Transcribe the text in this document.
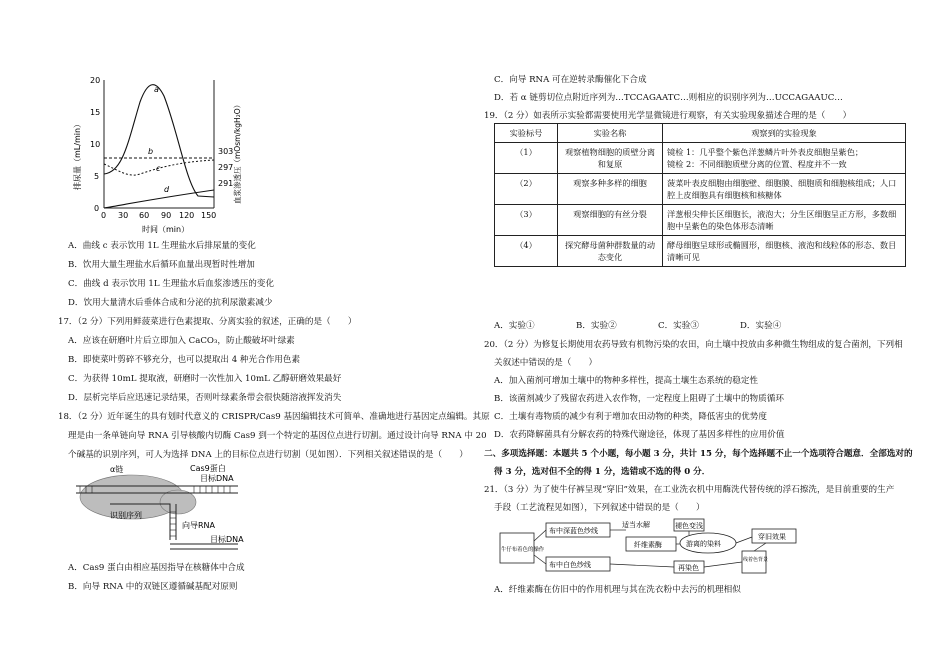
0
5
10
15
20
291
297
303
0 30 60 90 120 150
a
b
c
d
排尿量（mL/min）	血浆渗透压（mOsm/kgH₂O）
时间（min）
A．曲线 c 表示饮用 1L 生理盐水后排尿量的变化
B．饮用大量生理盐水后循环血量出现暂时性增加
C．曲线 d 表示饮用 1L 生理盐水后血浆渗透压的变化
D．饮用大量清水后垂体合成和分泌的抗利尿激素减少
17．（2 分）下列用鲜菠菜进行色素提取、分离实验的叙述，正确的是（　　）
A．应该在研磨叶片后立即加入 CaCO₃，防止酸破坏叶绿素
B．即使菜叶剪碎不够充分，也可以提取出 4 种光合作用色素
C．为获得 10mL 提取液，研磨时一次性加入 10mL 乙醇研磨效果最好
D．层析完毕后应迅速记录结果，否则叶绿素条带会很快随溶液挥发消失
18．（2 分）近年诞生的具有划时代意义的 CRISPR/Cas9 基因编辑技术可简单、准确地进行基因定点编辑。其原
理是由一条单链向导 RNA 引导核酸内切酶 Cas9 到一个特定的基因位点进行切割。通过设计向导 RNA 中 20
个碱基的识别序列，可人为选择 DNA 上的目标位点进行切割（见如图）．下列相关叙述错误的是（　　）
α链	Cas9蛋白
目标DNA
识别序列
向导RNA
目标DNA
A．Cas9 蛋白由相应基因指导在核糖体中合成
B．向导 RNA 中的双链区遵循碱基配对原则
C．向导 RNA 可在逆转录酶催化下合成
D．若 α 链剪切位点附近序列为…TCCAGAATC…则相应的识别序列为…UCCAGAAUC…
19．（2 分）如表所示实验都需要使用光学显微镜进行观察，有关实验现象描述合理的是（　　）
实验标号	实验名称	观察到的实验现象
（1）	观察植物细胞的质壁分离和复原	镜检 1：几乎整个紫色洋葱鳞片叶外表皮细胞呈紫色；
镜检 2：不同细胞质壁分离的位置、程度并不一致
（2）	观察多种多样的细胞	菠菜叶表皮细胞由细胞壁、细胞膜、细胞质和细胞核组成；人口腔上皮细胞具有细胞核和核糖体
（3）	观察细胞的有丝分裂	洋葱根尖伸长区细胞长，液泡大；分生区细胞呈正方形，多数细胞中呈紫色的染色体形态清晰
（4）	探究酵母菌种群数量的动态变化	酵母细胞呈球形或椭圆形，细胞核、液泡和线粒体的形态、数目清晰可见
A．实验①	B．实验②	C．实验③	D．实验④
20．（2 分）为修复长期使用农药导致有机物污染的农田，向土壤中投放由多种微生物组成的复合菌剂，下列相
关叙述中错误的是（　　）
A．加入菌剂可增加土壤中的物种多样性，提高土壤生态系统的稳定性
B．该菌剂减少了残留农药进入农作物，一定程度上阻碍了土壤中的物质循环
C．土壤有毒物质的减少有利于增加农田动物的种类，降低害虫的优势度
D．农药降解菌具有分解农药的特殊代谢途径，体现了基因多样性的应用价值
二、多项选择题：本题共 5 个小题，每小题 3 分，共计 15 分，每个选择题不止一个选项符合题意．全部选对的
得 3 分，选对但不全的得 1 分，选错或不选的得 0 分．
21．（3 分）为了使牛仔裤呈现“穿旧”效果，在工业洗衣机中用酶洗代替传统的浮石擦洗，是目前重要的生产
手段（工艺流程见如图），下列叙述中错误的是（　　）
牛仔布着色的操作
布中深蓝色纱线
布中白色纱线
适当水解
纤维素酶	游离的染料
褪色变浅
再染色
线着色背景
穿旧效果
A．纤维素酶在仿旧中的作用机理与其在洗衣粉中去污的机理相似
